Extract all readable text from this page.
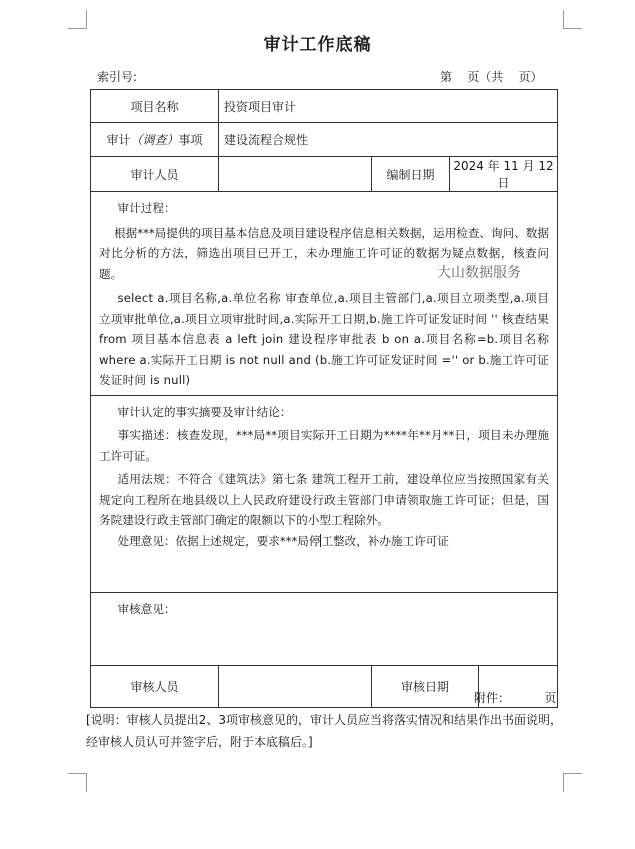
审计工作底稿
索引号:	第    页（共    页）
项目名称	投资项目审计		
审计（调查）事项	建设流程合规性		
审计人员		编制日期	2024 年 11 月 12 日

审计过程：

根据***局提供的项目基本信息及项目建设程序信息相关数据，运用检查、询问、数据对比分析的方法，筛选出项目已开工，未办理施工许可证的数据为疑点数据，核查问题。

select a.项目名称,a.单位名称 审查单位,a.项目主管部门,a.项目立项类型,a.项目立项审批单位,a.项目立项审批时间,a.实际开工日期,b.施工许可证发证时间 '' 核查结果 from 项目基本信息表 a left join 建设程序审批表 b on a.项目名称=b.项目名称 where a.实际开工日期 is not null and (b.施工许可证发证时间 ='' or b.施工许可证发证时间 is null)			

审计认定的事实摘要及审计结论：

事实描述：核查发现，***局**项目实际开工日期为****年**月**日，项目未办理施工许可证。

适用法规：不符合《建筑法》第七条 建筑工程开工前，建设单位应当按照国家有关规定向工程所在地县级以上人民政府建设行政主管部门申请领取施工许可证；但是，国务院建设行政主管部门确定的限额以下的小型工程除外。

处理意见：依据上述规定，要求***局停工整改，补办施工许可证			

审核意见：			

审核人员		审核日期	
大山数据服务
附件：         页
[说明：审核人员提出2、3项审核意见的，审计人员应当将落实情况和结果作出书面说明，经审核人员认可并签字后，附于本底稿后。]
